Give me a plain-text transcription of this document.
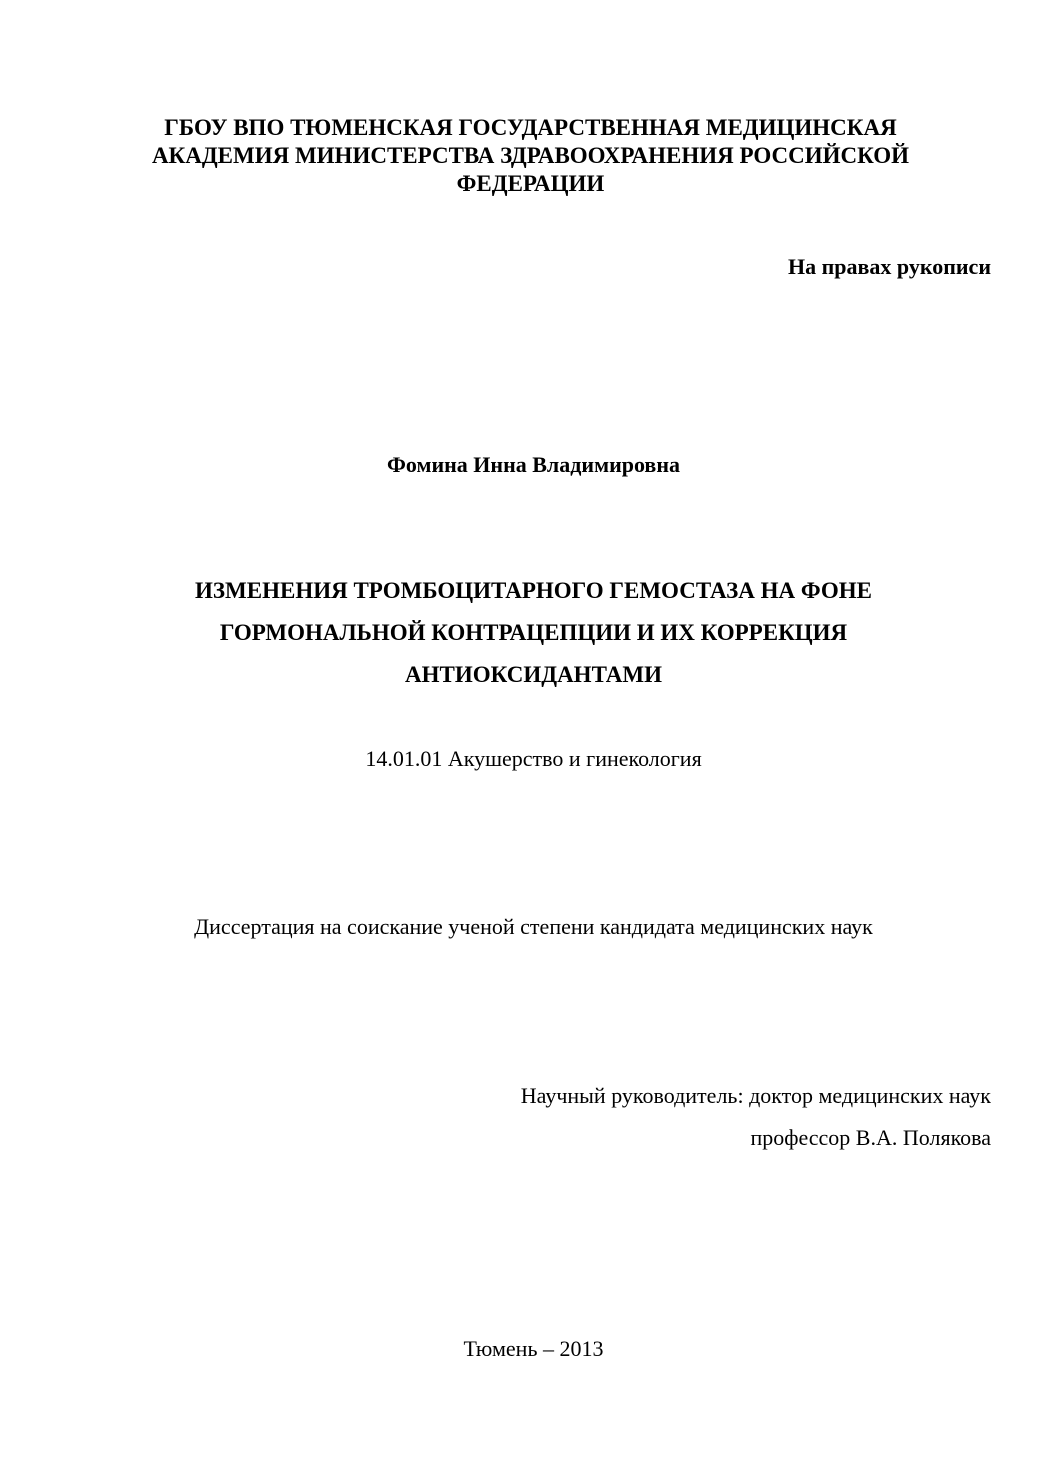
ГБОУ ВПО ТЮМЕНСКАЯ ГОСУДАРСТВЕННАЯ МЕДИЦИНСКАЯ
АКАДЕМИЯ МИНИСТЕРСТВА ЗДРАВООХРАНЕНИЯ РОССИЙСКОЙ
ФЕДЕРАЦИИ
На правах рукописи
Фомина Инна Владимировна
ИЗМЕНЕНИЯ ТРОМБОЦИТАРНОГО ГЕМОСТАЗА НА ФОНЕ
ГОРМОНАЛЬНОЙ КОНТРАЦЕПЦИИ И ИХ КОРРЕКЦИЯ
АНТИОКСИДАНТАМИ
14.01.01 Акушерство и гинекология
Диссертация на соискание ученой степени кандидата медицинских наук
Научный руководитель: доктор медицинских наук
профессор В.А. Полякова
Тюмень – 2013
